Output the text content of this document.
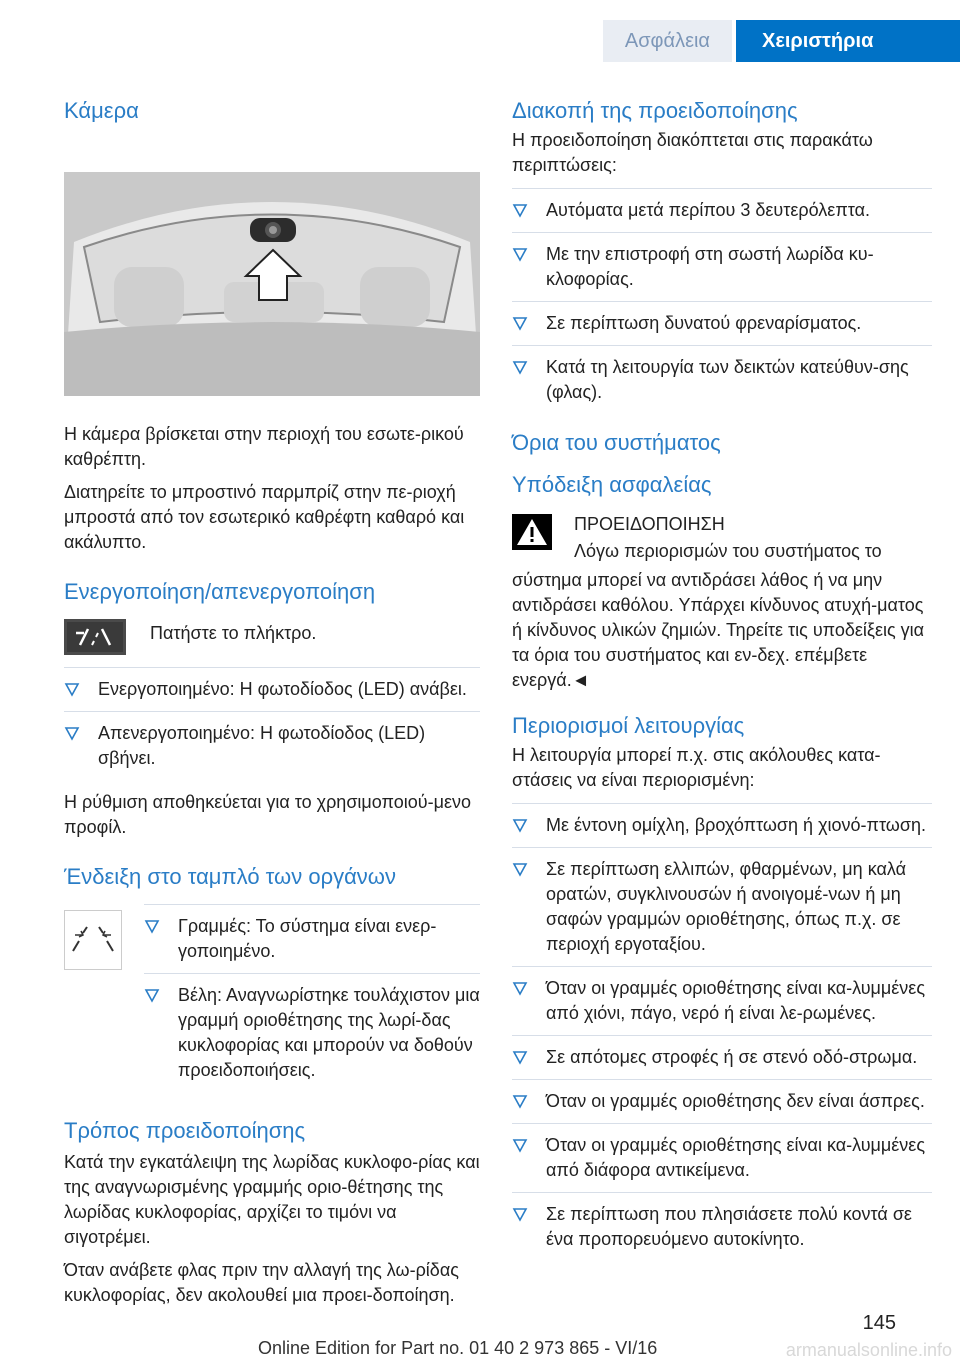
Ασφάλεια	Χειριστήρια
Κάμερα

Η κάμερα βρίσκεται στην περιοχή του εσωτε-ρικού καθρέπτη.

Διατηρείτε το μπροστινό παρμπρίζ στην πε-ριοχή μπροστά από τον εσωτερικό καθρέφτη καθαρό και ακάλυπτο.

Ενεργοποίηση/απενεργοποίηση

Πατήστε το πλήκτρο.

Ενεργοποιημένο: Η φωτοδίοδος (LED) ανάβει.
Απενεργοποιημένο: Η φωτοδίοδος (LED) σβήνει.

Η ρύθμιση αποθηκεύεται για το χρησιμοποιού-μενο προφίλ.

Ένδειξη στο ταμπλό των οργάνων
Γραμμές: Το σύστημα είναι ενερ-γοποιημένο.
Βέλη: Αναγνωρίστηκε τουλάχιστον μια γραμμή οριοθέτησης της λωρί-δας κυκλοφορίας και μπορούν να δοθούν προειδοποιήσεις.
Τρόπος προειδοποίησης

Κατά την εγκατάλειψη της λωρίδας κυκλοφο-ρίας και της αναγνωρισμένης γραμμής οριο-θέτησης της λωρίδας κυκλοφορίας, αρχίζει το τιμόνι να σιγοτρέμει.

Όταν ανάβετε φλας πριν την αλλαγή της λω-ρίδας κυκλοφορίας, δεν ακολουθεί μια προει-δοποίηση.

Διακοπή της προειδοποίησης

Η προειδοποίηση διακόπτεται στις παρακάτω περιπτώσεις:

Αυτόματα μετά περίπου 3 δευτερόλεπτα.
Με την επιστροφή στη σωστή λωρίδα κυ-κλοφορίας.
Σε περίπτωση δυνατού φρεναρίσματος.
Κατά τη λειτουργία των δεικτών κατεύθυν-σης (φλας).
Όρια του συστήματος
Υπόδειξη ασφαλείας

ΠΡΟΕΙΔΟΠΟΙΗΣΗ

Λόγω περιορισμών του συστήματος το

σύστημα μπορεί να αντιδράσει λάθος ή να μην αντιδράσει καθόλου. Υπάρχει κίνδυνος ατυχή-ματος ή κίνδυνος υλικών ζημιών. Τηρείτε τις υποδείξεις για τα όρια του συστήματος και εν-δεχ. επέμβετε ενεργά.◄

Περιορισμοί λειτουργίας

Η λειτουργία μπορεί π.χ. στις ακόλουθες κατα-στάσεις να είναι περιορισμένη:

Με έντονη ομίχλη, βροχόπτωση ή χιονό-πτωση.
Σε περίπτωση ελλιπών, φθαρμένων, μη καλά ορατών, συγκλινουσών ή ανοιγομέ-νων ή μη σαφών γραμμών οριοθέτησης, όπως π.χ. σε περιοχή εργοταξίου.
Όταν οι γραμμές οριοθέτησης είναι κα-λυμμένες από χιόνι, πάγο, νερό ή είναι λε-ρωμένες.
Σε απότομες στροφές ή σε στενό οδό-στρωμα.
Όταν οι γραμμές οριοθέτησης δεν είναι άσπρες.
Όταν οι γραμμές οριοθέτησης είναι κα-λυμμένες από διάφορα αντικείμενα.
Σε περίπτωση που πλησιάσετε πολύ κοντά σε ένα προπορευόμενο αυτοκίνητο.
145
Online Edition for Part no. 01 40 2 973 865 - VI/16	armanualsonline.info
